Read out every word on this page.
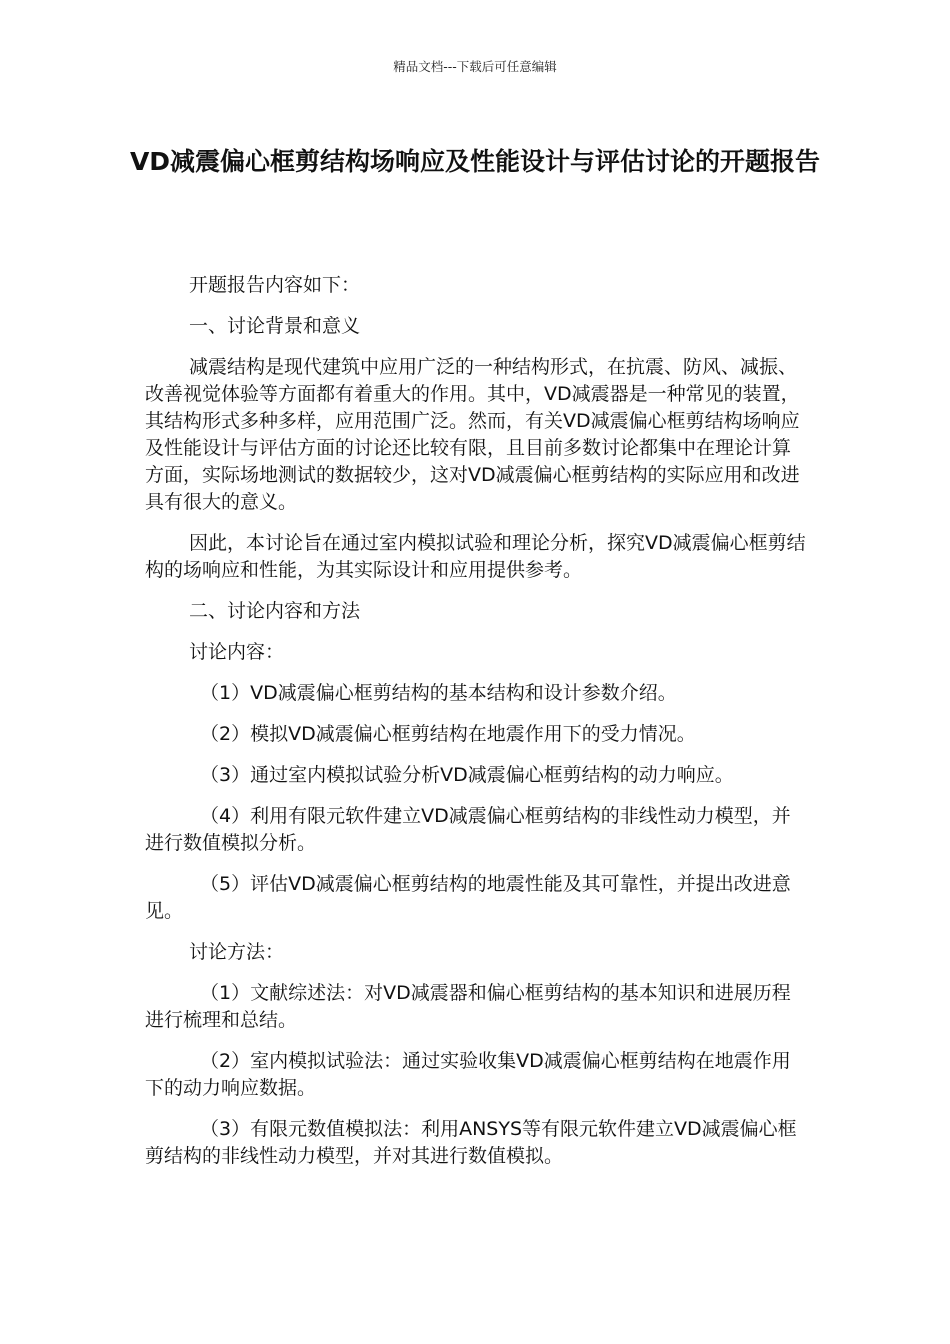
精品文档---下载后可任意编辑
VD减震偏心框剪结构场响应及性能设计与评估讨论的开题报告

开题报告内容如下：

一、讨论背景和意义

减震结构是现代建筑中应用广泛的一种结构形式，在抗震、防风、减振、改善视觉体验等方面都有着重大的作用。其中，VD减震器是一种常见的装置，其结构形式多种多样，应用范围广泛。然而，有关VD减震偏心框剪结构场响应及性能设计与评估方面的讨论还比较有限，且目前多数讨论都集中在理论计算方面，实际场地测试的数据较少，这对VD减震偏心框剪结构的实际应用和改进具有很大的意义。

因此，本讨论旨在通过室内模拟试验和理论分析，探究VD减震偏心框剪结构的场响应和性能，为其实际设计和应用提供参考。

二、讨论内容和方法

讨论内容：

（1）VD减震偏心框剪结构的基本结构和设计参数介绍。

（2）模拟VD减震偏心框剪结构在地震作用下的受力情况。

（3）通过室内模拟试验分析VD减震偏心框剪结构的动力响应。

（4）利用有限元软件建立VD减震偏心框剪结构的非线性动力模型，并进行数值模拟分析。

（5）评估VD减震偏心框剪结构的地震性能及其可靠性，并提出改进意见。

讨论方法：

（1）文献综述法：对VD减震器和偏心框剪结构的基本知识和进展历程进行梳理和总结。

（2）室内模拟试验法：通过实验收集VD减震偏心框剪结构在地震作用下的动力响应数据。

（3）有限元数值模拟法：利用ANSYS等有限元软件建立VD减震偏心框剪结构的非线性动力模型，并对其进行数值模拟。
